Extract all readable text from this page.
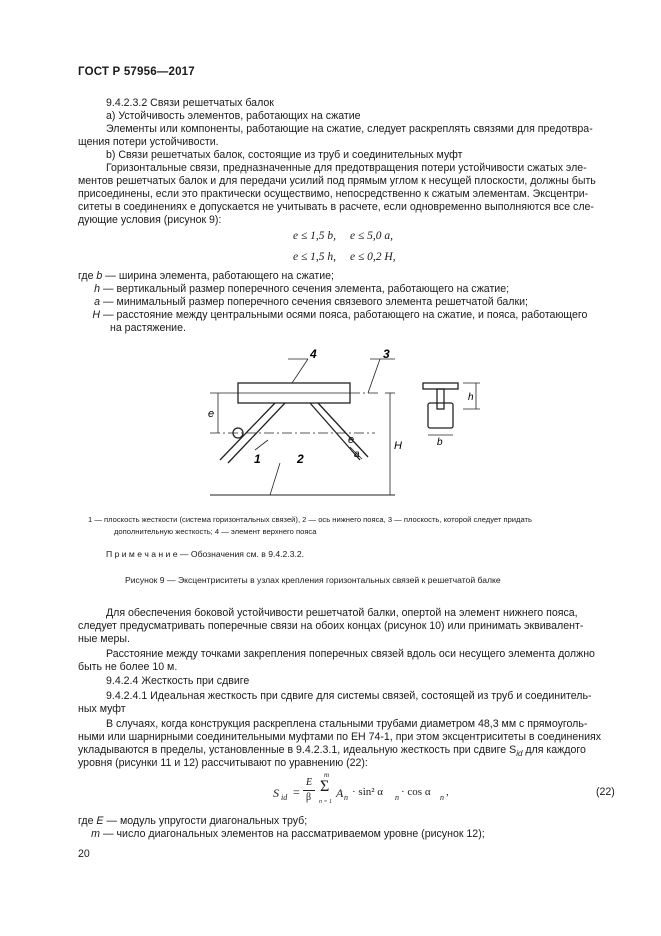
ГОСТ Р 57956—2017
9.4.2.3.2 Связи решетчатых балок
a) Устойчивость элементов, работающих на сжатие
Элементы или компоненты, работающие на сжатие, следует раскреплять связями для предотвра-
щения потери устойчивости.
b) Связи решетчатых балок, состоящие из труб и соединительных муфт
Горизонтальные связи, предназначенные для предотвращения потери устойчивости сжатых эле-
ментов решетчатых балок и для передачи усилий под прямым углом к несущей плоскости, должны быть
присоединены, если это практически осуществимо, непосредственно к сжатым элементам. Эксцентри-
ситеты в соединениях e допускается не учитывать в расчете, если одновременно выполняются все сле-
дующие условия (рисунок 9):
e ≤ 1,5 b, e ≤ 5,0 a,
e ≤ 1,5 h, e ≤ 0,2 H,
где b — ширина элемента, работающего на сжатие;
h — вертикальный размер поперечного сечения элемента, работающего на сжатие;
a — минимальный размер поперечного сечения связевого элемента решетчатой балки;
H — расстояние между центральными осями пояса, работающего на сжатие, и пояса, работающего
на растяжение.
4	3
1	2
e
e
a
H
h
b
1 — плоскость жесткости (система горизонтальных связей), 2 — ось нижнего пояса, 3 — плоскость, которой следует придать
дополнительную жесткость; 4 — элемент верхнего пояса
П р и м е ч а н и е — Обозначения см. в 9.4.2.3.2.
Рисунок 9 — Эксцентриситеты в узлах крепления горизонтальных связей к решетчатой балке
Для обеспечения боковой устойчивости решетчатой балки, опертой на элемент нижнего пояса,
следует предусматривать поперечные связи на обоих концах (рисунок 10) или принимать эквивалент-
ные меры.
Расстояние между точками закрепления поперечных связей вдоль оси несущего элемента должно
быть не более 10 м.
9.4.2.4 Жесткость при сдвиге
9.4.2.4.1 Идеальная жесткость при сдвиге для системы связей, состоящей из труб и соединитель-
ных муфт
В случаях, когда конструкция раскреплена стальными трубами диаметром 48,3 мм с прямоуголь-
ными или шарнирными соединительными муфтами по ЕН 74-1, при этом эксцентриситеты в соединениях
укладываются в пределы, установленные в 9.4.2.3.1, идеальную жесткость при сдвиге $S_{id}$ для каждого
уровня (рисунки 11 и 12) рассчитывают по уравнению (22):
S id =
E
β
m
Σ
n = 1
A n · sin² α n · cos α n ,	(22)
где E — модуль упругости диагональных труб;
m — число диагональных элементов на рассматриваемом уровне (рисунок 12);
20
